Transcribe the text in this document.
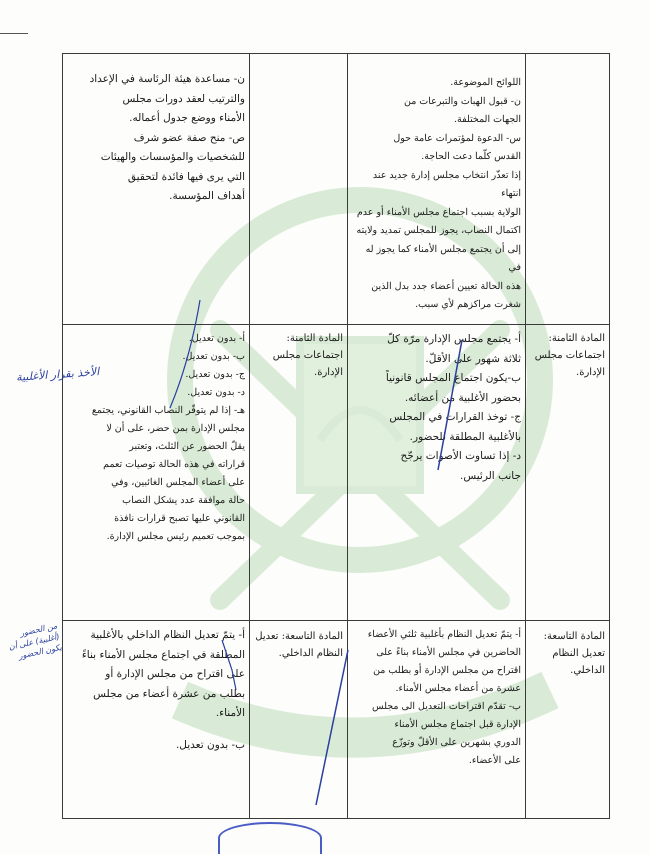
ن- مساعدة هيئة الرئاسة في الإعداد

والترتيب لعقد دورات مجلس

الأمناء ووضع جدول أعماله.

ص- منح صفة عضو شرف

للشخصيات والمؤسسات والهيئات

التي يرى فيها فائدة لتحقيق

أهداف المؤسسة.

اللوائح الموضوعة.

ن- قبول الهبات والتبرعات من

الجهات المختلفة.

س- الدعوة لمؤتمرات عامة حول

القدس كلّما دعت الحاجة.

إذا تعذّر انتخاب مجلس إدارة جديد عند انتهاء

الولاية بسبب اجتماع مجلس الأمناء أو عدم

اكتمال النصاب، يجوز للمجلس تمديد ولايته

إلى أن يجتمع مجلس الأمناء كما يجوز له في

هذه الحالة تعيين أعضاء جدد بدل الذين

شغرت مراكزهم لأي سبب.

المادة الثامنة: اجتماعات مجلس الإدارة.
المادة الثامنة: اجتماعات مجلس الإدارة.

أ- يجتمع مجلس الإدارة مرّة كلّ

ثلاثة شهور على الأقلّ.

ب-يكون اجتماع المجلس قانونياً

بحضور الأغلبية من أعضائه.

ج- توخذ القرارات في المجلس

بالأغلبية المطلقة للحضور.

د- إذا تساوت الأصوات يرجّح

جانب الرئيس.

أ- بدون تعديل.

ب- بدون تعديل.

ج- بدون تعديل.

د- بدون تعديل.

هـ- إذا لم يتوفّر النصاب القانوني، يجتمع

مجلس الإدارة بمن حضر، على أن لا

يقلّ الحضور عن الثلث، وتعتبر

قراراته في هذه الحالة توصيات تعمم

على أعضاء المجلس الغائبين، وفي

حالة موافقة عدد يشكل النصاب

القانوني عليها تصبح قرارات نافذة

بموجب تعميم رئيس مجلس الإدارة.

المادة التاسعة: تعديل النظام الداخلي.
المادة التاسعة: تعديل النظام الداخلي.

أ- يتمّ تعديل النظام بأغلبية ثلثي الأعضاء

الحاضرين في مجلس الأمناء بناءً على

اقتراح من مجلس الإدارة أو بطلب من

عشرة من أعضاء مجلس الأمناء.

ب- تقدّم اقتراحات التعديل الى مجلس

الإدارة قبل اجتماع مجلس الأمناء

الدوري بشهرين على الأقلّ وتوزّع

على الأعضاء.

أ- يتمّ تعديل النظام الداخلي بالأغلبية

المطلقة في اجتماع مجلس الأمناء بناءً

على اقتراح من مجلس الإدارة أو

بطلب من عشرة أعضاء من مجلس

الأمناء.

ب- بدون تعديل.

الأخذ بقرار الأغلبية
من الحضور (أغلبية) على أن يكون الحضور
